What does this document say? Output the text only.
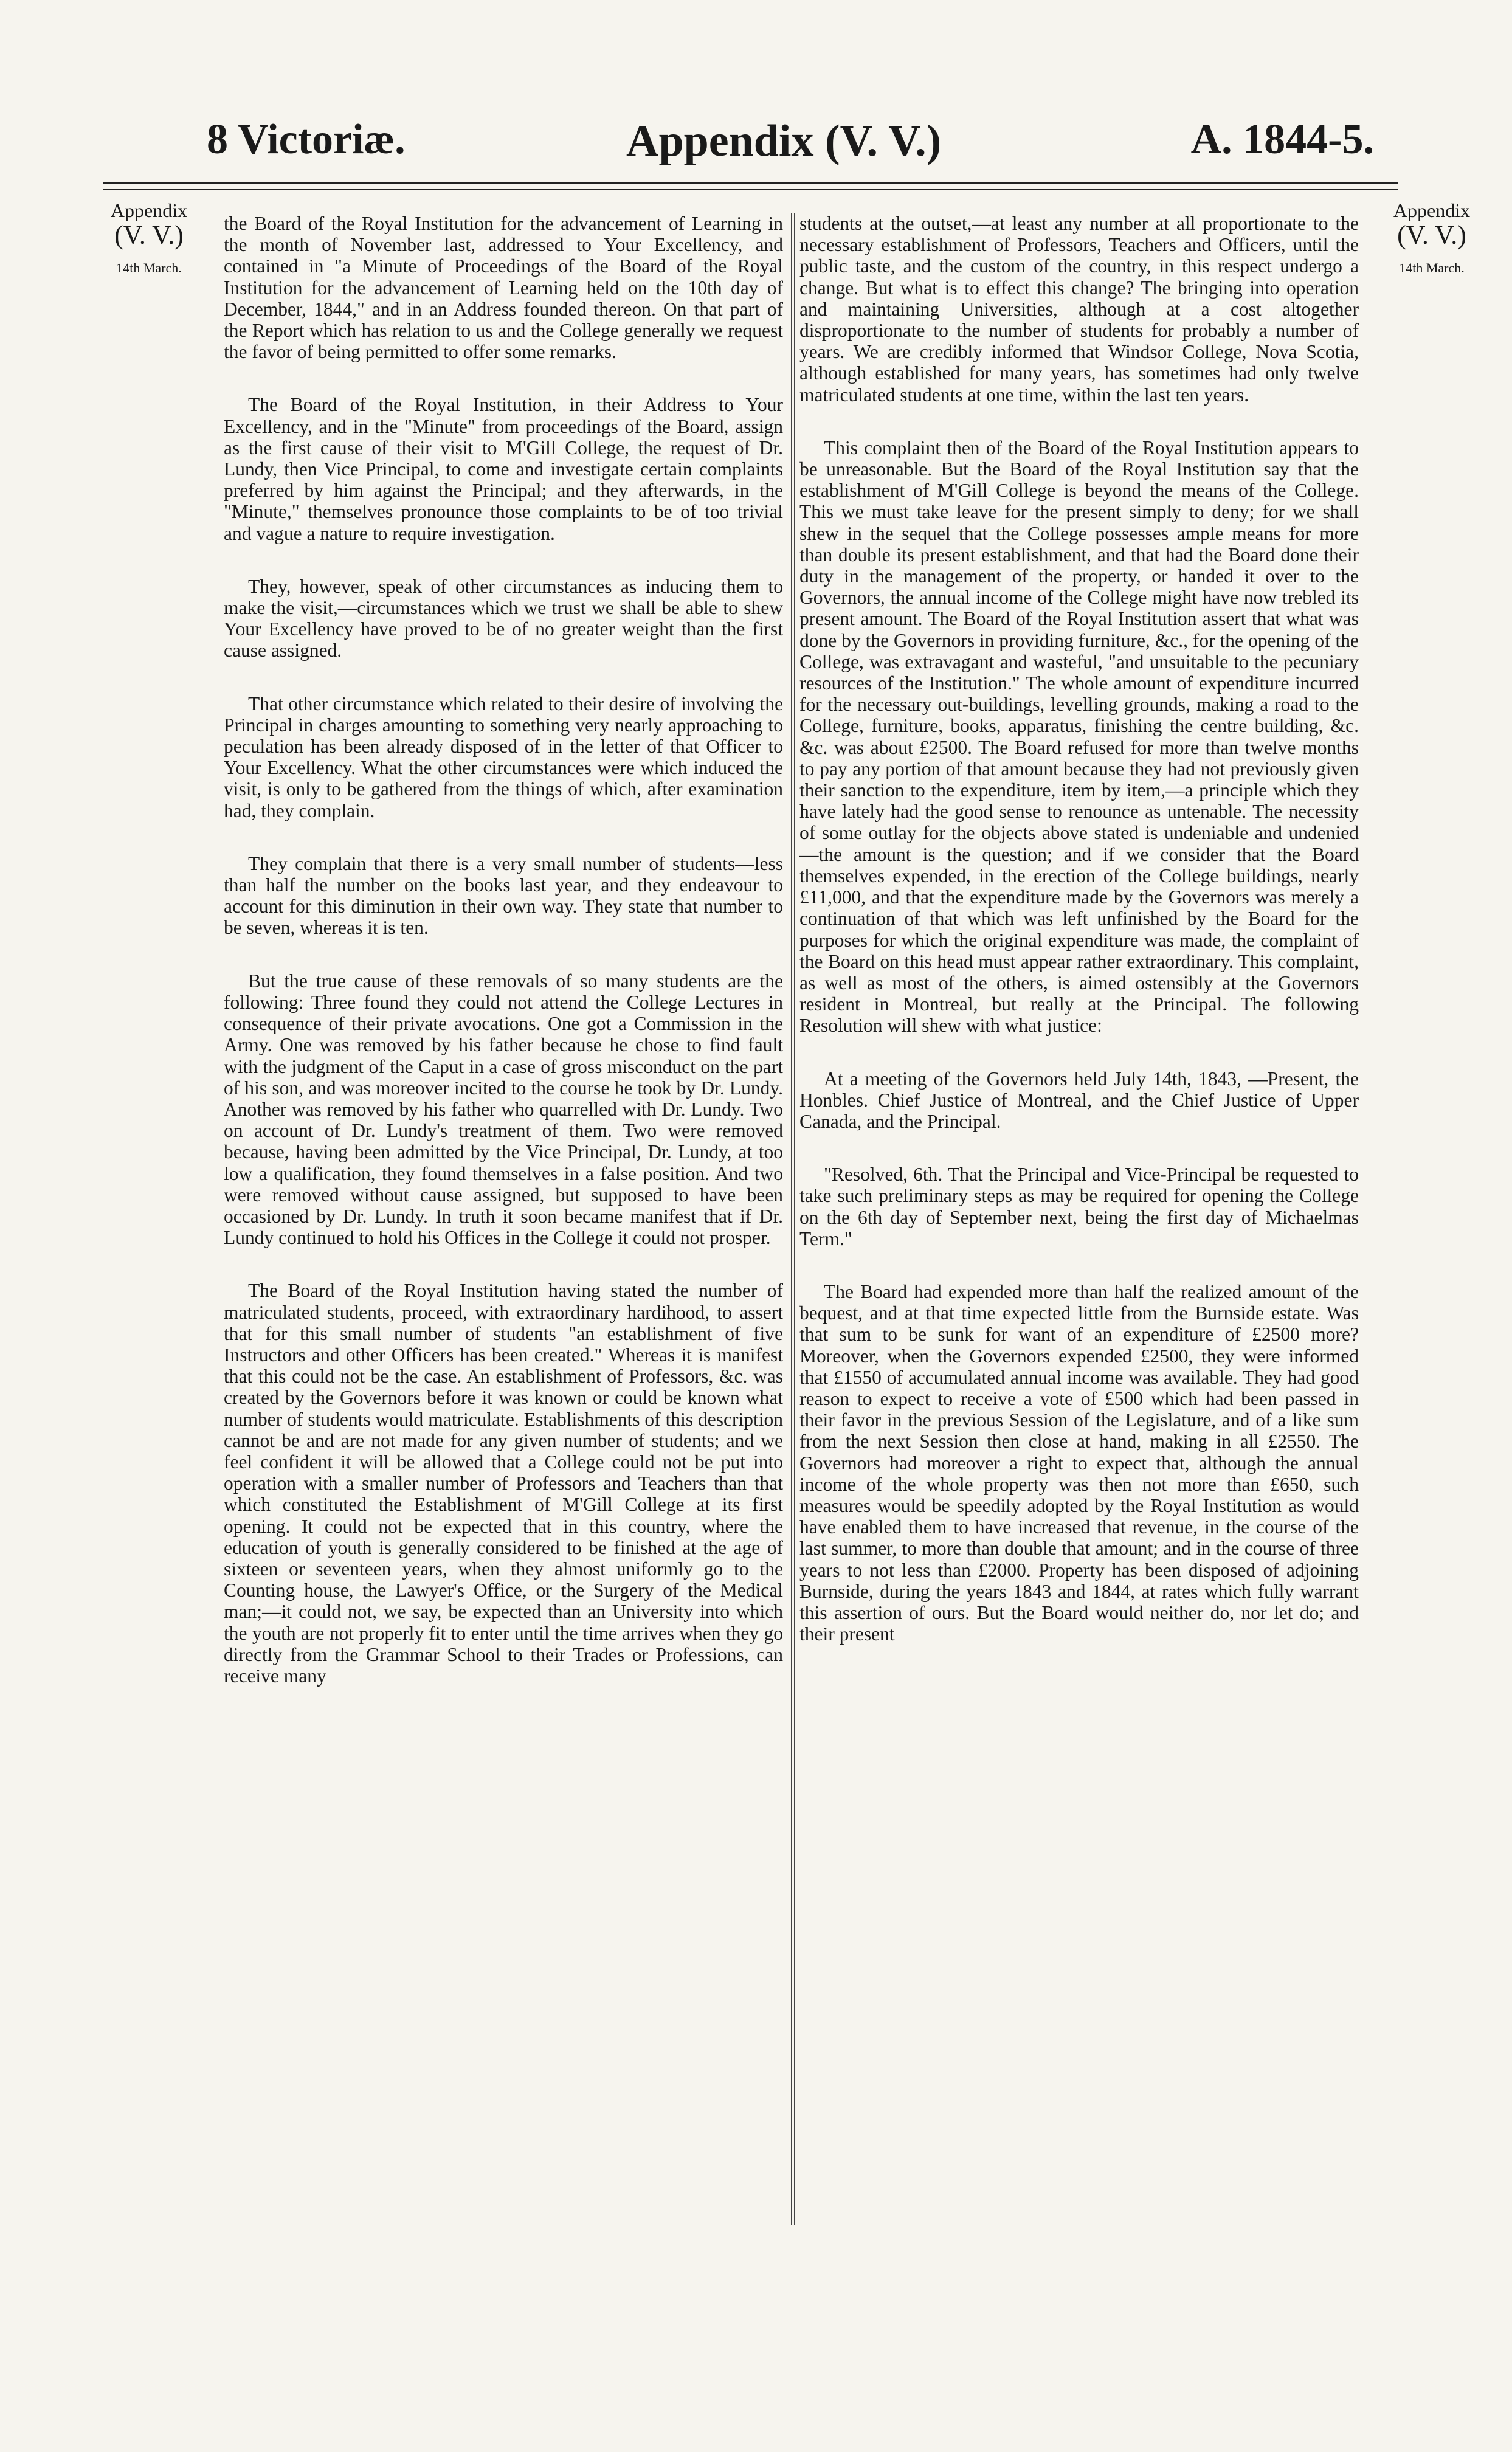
8 Victoriæ.	Appendix (V. V.)	A. 1844-5.
Appendix
(V. V.)
14th March.
Appendix
(V. V.)
14th March.

the Board of the Royal Institution for the advancement of Learning in the month of November last, addressed to Your Excellency, and contained in "a Minute of Proceedings of the Board of the Royal Institution for the advancement of Learning held on the 10th day of December, 1844," and in an Address founded thereon. On that part of the Report which has relation to us and the College generally we request the favor of being permitted to offer some remarks.

The Board of the Royal Institution, in their Address to Your Excellency, and in the "Minute" from proceedings of the Board, assign as the first cause of their visit to M'Gill College, the request of Dr. Lundy, then Vice Principal, to come and investigate certain complaints preferred by him against the Principal; and they afterwards, in the "Minute," themselves pronounce those complaints to be of too trivial and vague a nature to require investigation.

They, however, speak of other circumstances as inducing them to make the visit,—circumstances which we trust we shall be able to shew Your Excellency have proved to be of no greater weight than the first cause assigned.

That other circumstance which related to their desire of involving the Principal in charges amounting to something very nearly approaching to peculation has been already disposed of in the letter of that Officer to Your Excellency. What the other circumstances were which induced the visit, is only to be gathered from the things of which, after examination had, they complain.

They complain that there is a very small number of students—less than half the number on the books last year, and they endeavour to account for this diminution in their own way. They state that number to be seven, whereas it is ten.

But the true cause of these removals of so many students are the following: Three found they could not attend the College Lectures in consequence of their private avocations. One got a Commission in the Army. One was removed by his father because he chose to find fault with the judgment of the Caput in a case of gross misconduct on the part of his son, and was moreover incited to the course he took by Dr. Lundy. Another was removed by his father who quarrelled with Dr. Lundy. Two on account of Dr. Lundy's treatment of them. Two were removed because, having been admitted by the Vice Principal, Dr. Lundy, at too low a qualification, they found themselves in a false position. And two were removed without cause assigned, but supposed to have been occasioned by Dr. Lundy. In truth it soon became manifest that if Dr. Lundy continued to hold his Offices in the College it could not prosper.

The Board of the Royal Institution having stated the number of matriculated students, proceed, with extraordinary hardihood, to assert that for this small number of students "an establishment of five Instructors and other Officers has been created." Whereas it is manifest that this could not be the case. An establishment of Professors, &c. was created by the Governors before it was known or could be known what number of students would matriculate. Establishments of this description cannot be and are not made for any given number of students; and we feel confident it will be allowed that a College could not be put into operation with a smaller number of Professors and Teachers than that which constituted the Establishment of M'Gill College at its first opening. It could not be expected that in this country, where the education of youth is generally considered to be finished at the age of sixteen or seventeen years, when they almost uniformly go to the Counting house, the Lawyer's Office, or the Surgery of the Medical man;—it could not, we say, be expected than an University into which the youth are not properly fit to enter until the time arrives when they go directly from the Grammar School to their Trades or Professions, can receive many

students at the outset,—at least any number at all proportionate to the necessary establishment of Professors, Teachers and Officers, until the public taste, and the custom of the country, in this respect undergo a change. But what is to effect this change? The bringing into operation and maintaining Universities, although at a cost altogether disproportionate to the number of students for probably a number of years. We are credibly informed that Windsor College, Nova Scotia, although established for many years, has sometimes had only twelve matriculated students at one time, within the last ten years.

This complaint then of the Board of the Royal Institution appears to be unreasonable. But the Board of the Royal Institution say that the establishment of M'Gill College is beyond the means of the College. This we must take leave for the present simply to deny; for we shall shew in the sequel that the College possesses ample means for more than double its present establishment, and that had the Board done their duty in the management of the property, or handed it over to the Governors, the annual income of the College might have now trebled its present amount. The Board of the Royal Institution assert that what was done by the Governors in providing furniture, &c., for the opening of the College, was extravagant and wasteful, "and unsuitable to the pecuniary resources of the Institution." The whole amount of expenditure incurred for the necessary out-buildings, levelling grounds, making a road to the College, furniture, books, apparatus, finishing the centre building, &c. &c. was about £2500. The Board refused for more than twelve months to pay any portion of that amount because they had not previously given their sanction to the expenditure, item by item,—a principle which they have lately had the good sense to renounce as untenable. The necessity of some outlay for the objects above stated is undeniable and undenied—the amount is the question; and if we consider that the Board themselves expended, in the erection of the College buildings, nearly £11,000, and that the expenditure made by the Governors was merely a continuation of that which was left unfinished by the Board for the purposes for which the original expenditure was made, the complaint of the Board on this head must appear rather extraordinary. This complaint, as well as most of the others, is aimed ostensibly at the Governors resident in Montreal, but really at the Principal. The following Resolution will shew with what justice:

At a meeting of the Governors held July 14th, 1843, —Present, the Honbles. Chief Justice of Montreal, and the Chief Justice of Upper Canada, and the Principal.

"Resolved, 6th. That the Principal and Vice-Principal be requested to take such preliminary steps as may be required for opening the College on the 6th day of September next, being the first day of Michaelmas Term."

The Board had expended more than half the realized amount of the bequest, and at that time expected little from the Burnside estate. Was that sum to be sunk for want of an expenditure of £2500 more? Moreover, when the Governors expended £2500, they were informed that £1550 of accumulated annual income was available. They had good reason to expect to receive a vote of £500 which had been passed in their favor in the previous Session of the Legislature, and of a like sum from the next Session then close at hand, making in all £2550. The Governors had moreover a right to expect that, although the annual income of the whole property was then not more than £650, such measures would be speedily adopted by the Royal Institution as would have enabled them to have increased that revenue, in the course of the last summer, to more than double that amount; and in the course of three years to not less than £2000. Property has been disposed of adjoining Burnside, during the years 1843 and 1844, at rates which fully warrant this assertion of ours. But the Board would neither do, nor let do; and their present
